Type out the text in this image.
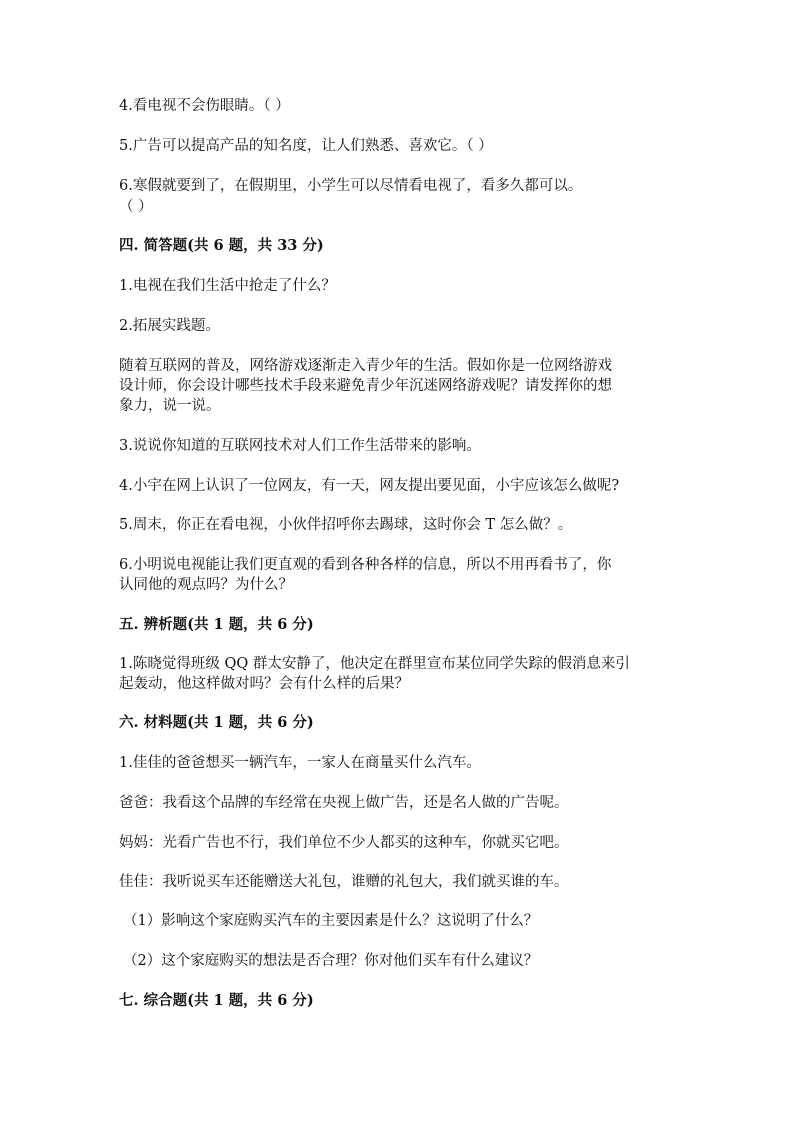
4.看电视不会伤眼睛。（ ）
5.广告可以提高产品的知名度，让人们熟悉、喜欢它。（ ）
6.寒假就要到了，在假期里，小学生可以尽情看电视了，看多久都可以。
（ ）
四. 简答题(共 6 题，共 33 分)
1.电视在我们生活中抢走了什么？
2.拓展实践题。
随着互联网的普及，网络游戏逐渐走入青少年的生活。假如你是一位网络游戏
设计师，你会设计哪些技术手段来避免青少年沉迷网络游戏呢？请发挥你的想
象力，说一说。
3.说说你知道的互联网技术对人们工作生活带来的影响。
4.小宇在网上认识了一位网友，有一天，网友提出要见面，小宇应该怎么做呢?
5.周末，你正在看电视，小伙伴招呼你去踢球，这时你会 T 怎么做？。
6.小明说电视能让我们更直观的看到各种各样的信息，所以不用再看书了，你
认同他的观点吗？为什么？
五. 辨析题(共 1 题，共 6 分)
1.陈晓觉得班级 QQ 群太安静了，他决定在群里宣布某位同学失踪的假消息来引
起轰动，他这样做对吗？会有什么样的后果？
六. 材料题(共 1 题，共 6 分)
1.佳佳的爸爸想买一辆汽车，一家人在商量买什么汽车。
爸爸：我看这个品牌的车经常在央视上做广告，还是名人做的广告呢。
妈妈：光看广告也不行，我们单位不少人都买的这种车，你就买它吧。
佳佳：我听说买车还能赠送大礼包，谁赠的礼包大，我们就买谁的车。
（1）影响这个家庭购买汽车的主要因素是什么？这说明了什么？
（2）这个家庭购买的想法是否合理？你对他们买车有什么建议？
七. 综合题(共 1 题，共 6 分)
